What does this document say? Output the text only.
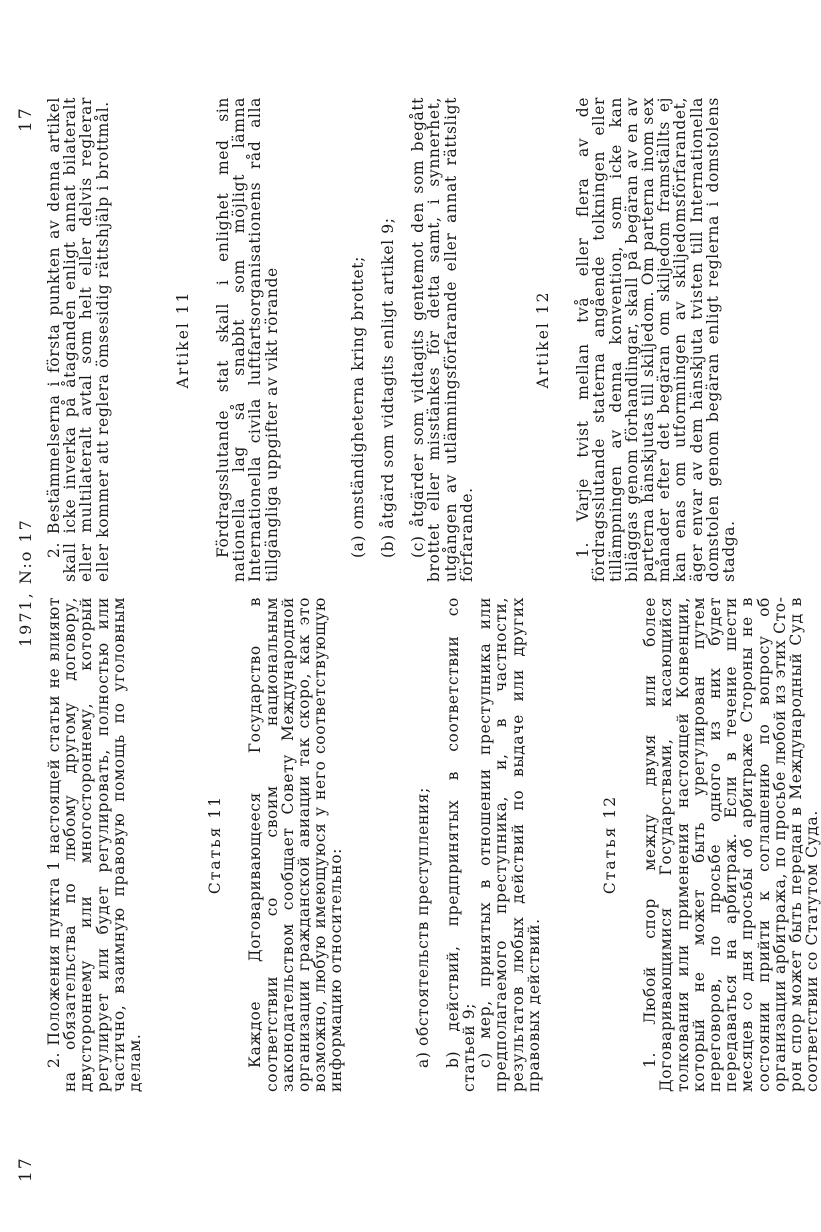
17
1971, N:o 17
17

2. Положения пункта 1 настоящей статьи не влияют на обязательства по любому другому договору, двустороннему или многостороннему, который регулирует или будет регулировать, полностью или частично, взаимную правовую помощь по уголовным делам.

Статья 11 Каждое Договаривающееся Государство в соответствии со своим национальным законодательством сообщает Совету Международной организации гражданской авиации так скоро, как это возможно, любую имеющуюся у него соответствующую информацию относительно:	а) обстоятельств преступления; b) действий, предпринятых в соответствии со статьей 9;

с) мер, принятых в отношении преступника или предполагаемого преступника, и, в частности, результатов любых действий по выдаче или других правовых действий.

Статья 12 1. Любой спор между двумя или более Договаривающимися Государствами, касающийся толкования или применения настоящей Конвенции, который не может быть урегулирован путем переговоров, по просьбе одного из них будет передаваться на арбитраж. Если в течение шести месяцев со дня просьбы об арбитраже Стороны не в состоянии прийти к соглашению по вопросу об организации арбитража, по просьбе любой из этих Сторон спор может быть передан в Международный Суд в соответствии со Статутом Суда.

2. Bestämmelserna i första punkten av denna artikel skall icke inverka på åtaganden enligt annat bilateralt eller multilateralt avtal som helt eller delvis reglerar eller kommer att reglera ömsesidig rättshjälp i brottmål.	Artikel 11 Fördragsslutande stat skall i enlighet med sin nationella lag så snabbt som möjligt lämna Internationella civila luftfartsorganisationens råd alla tillgängliga uppgifter av vikt rörande	(a) omständigheterna kring brottet; (b) åtgärd som vidtagits enligt artikel 9; (c) åtgärder som vidtagits gentemot den som begått brottet eller misstänkes för detta samt, i synnerhet, utgången av utlämningsförfarande eller annat rättsligt förfarande.

Artikel 12 1. Varje tvist mellan två eller flera av de fördragsslutande staterna angående tolkningen eller tillämpningen av denna konvention, som icke kan biläggas genom förhandlingar, skall på begäran av en av parterna hänskjutas till skiljedom. Om parterna inom sex månader efter det begäran om skiljedom framställts ej kan enas om utformningen av skiljedomsförfarandet, äger envar av dem hänskjuta tvisten till Internationella domstolen genom begäran enligt reglerna i domstolens stadga.
